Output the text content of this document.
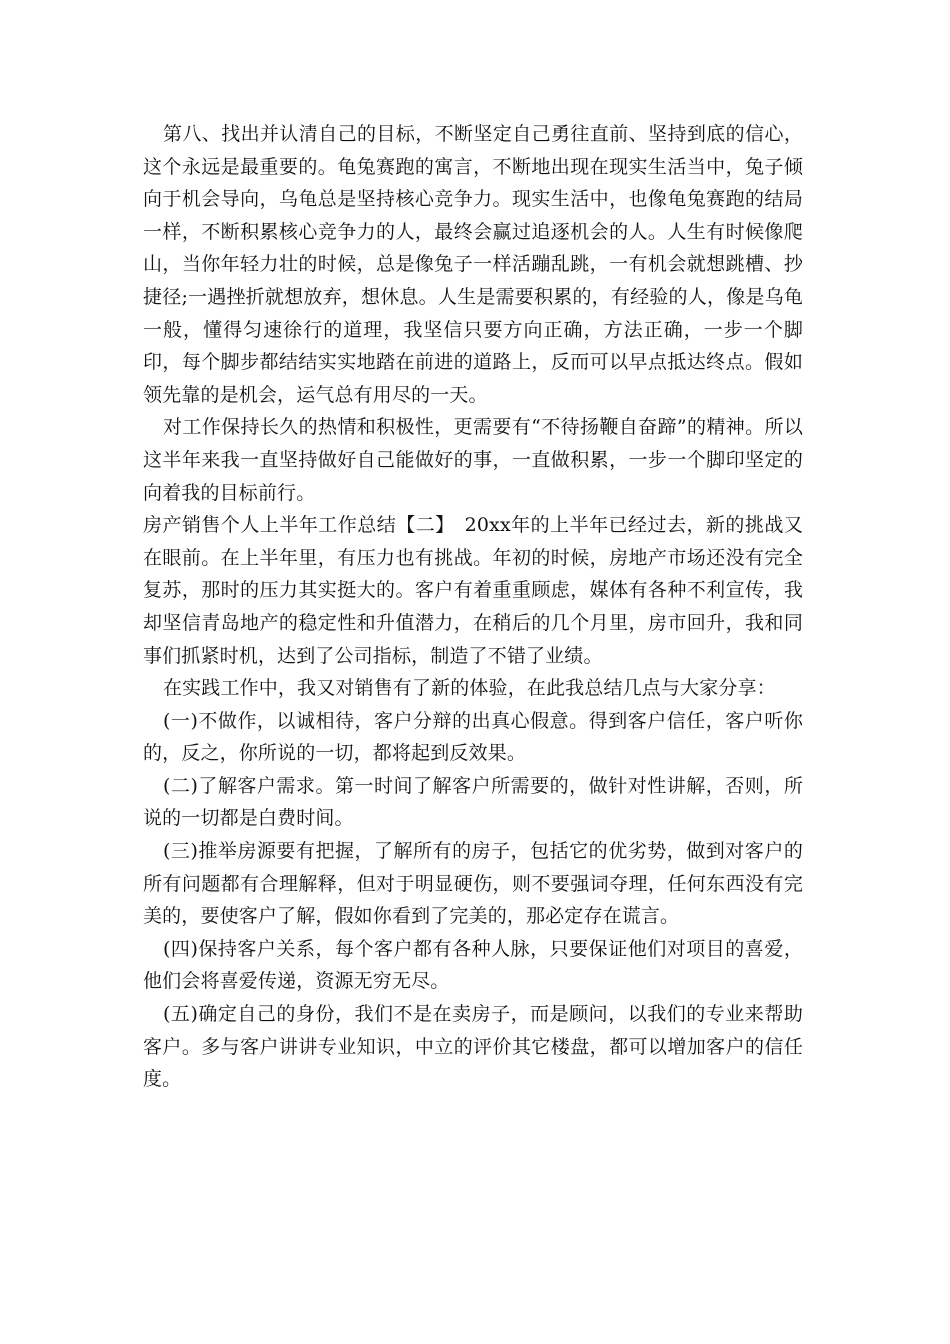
第八、找出并认清自己的目标，不断坚定自己勇往直前、坚持到底的信心，这个永远是最重要的。龟兔赛跑的寓言，不断地出现在现实生活当中，兔子倾向于机会导向，乌龟总是坚持核心竞争力。现实生活中，也像龟兔赛跑的结局一样，不断积累核心竞争力的人，最终会赢过追逐机会的人。人生有时候像爬山，当你年轻力壮的时候，总是像兔子一样活蹦乱跳，一有机会就想跳槽、抄捷径;一遇挫折就想放弃，想休息。人生是需要积累的，有经验的人，像是乌龟一般，懂得匀速徐行的道理，我坚信只要方向正确，方法正确，一步一个脚印，每个脚步都结结实实地踏在前进的道路上，反而可以早点抵达终点。假如领先靠的是机会，运气总有用尽的一天。

对工作保持长久的热情和积极性，更需要有“不待扬鞭自奋蹄”的精神。所以这半年来我一直坚持做好自己能做好的事，一直做积累，一步一个脚印坚定的向着我的目标前行。

房产销售个人上半年工作总结【二】　20xx年的上半年已经过去，新的挑战又在眼前。在上半年里，有压力也有挑战。年初的时候，房地产市场还没有完全复苏，那时的压力其实挺大的。客户有着重重顾虑，媒体有各种不利宣传，我却坚信青岛地产的稳定性和升值潜力，在稍后的几个月里，房市回升，我和同事们抓紧时机，达到了公司指标，制造了不错了业绩。

在实践工作中，我又对销售有了新的体验，在此我总结几点与大家分享：

(一)不做作，以诚相待，客户分辩的出真心假意。得到客户信任，客户听你的，反之，你所说的一切，都将起到反效果。

(二)了解客户需求。第一时间了解客户所需要的，做针对性讲解，否则，所说的一切都是白费时间。

(三)推举房源要有把握，了解所有的房子，包括它的优劣势，做到对客户的所有问题都有合理解释，但对于明显硬伤，则不要强词夺理，任何东西没有完美的，要使客户了解，假如你看到了完美的，那必定存在谎言。

(四)保持客户关系，每个客户都有各种人脉，只要保证他们对项目的喜爱，他们会将喜爱传递，资源无穷无尽。

(五)确定自己的身份，我们不是在卖房子，而是顾问，以我们的专业来帮助客户。多与客户讲讲专业知识，中立的评价其它楼盘，都可以增加客户的信任度。
